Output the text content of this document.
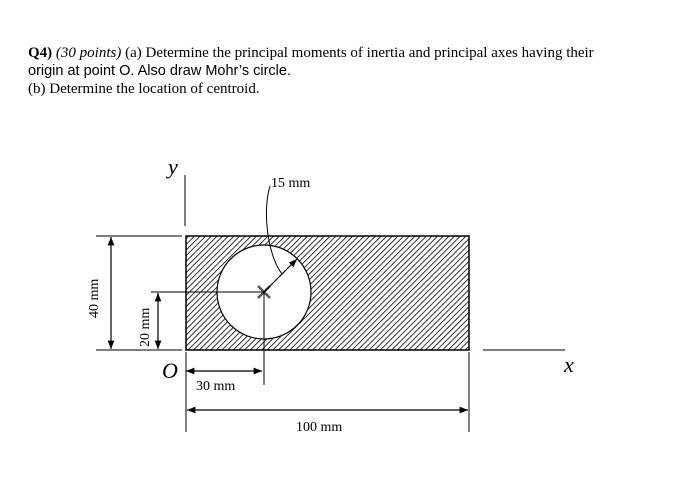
Q4) (30 points) (a) Determine the principal moments of inertia and principal axes having their
origin at point O. Also draw Mohr’s circle.
(b) Determine the location of centroid.
y
x
O
15 mm
40 mm
20 mm
30 mm
100 mm
